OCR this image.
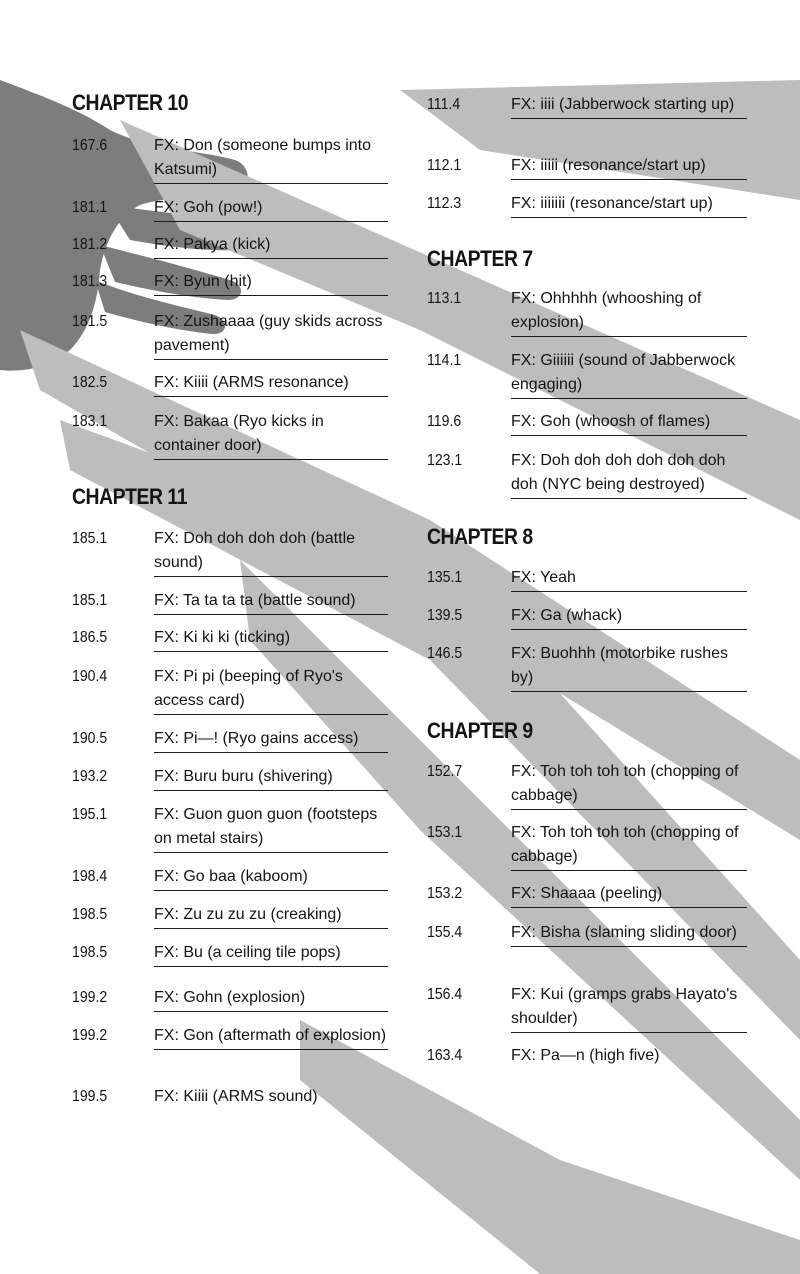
CHAPTER 10
167.6	FX: Don (someone bumps into Katsumi)
181.1	FX: Goh (pow!)
181.2	FX: Pakya (kick)
181.3	FX: Byun (hit)
181.5	FX: Zushaaaa (guy skids across pavement)
182.5	FX: Kiiii (ARMS resonance)
183.1	FX: Bakaa (Ryo kicks in container door)
CHAPTER 11
185.1	FX: Doh doh doh doh (battle sound)
185.1	FX: Ta ta ta ta (battle sound)
186.5	FX: Ki ki ki (ticking)
190.4	FX: Pi pi (beeping of Ryo's access card)
190.5	FX: Pi—! (Ryo gains access)
193.2	FX: Buru buru (shivering)
195.1	FX: Guon guon guon (footsteps on metal stairs)
198.4	FX: Go baa (kaboom)
198.5	FX: Zu zu zu zu (creaking)
198.5	FX: Bu (a ceiling tile pops)
199.2	FX: Gohn (explosion)
199.2	FX: Gon (aftermath of explosion)
199.5	FX: Kiiii (ARMS sound)
111.4	FX: iiii (Jabberwock starting up)
112.1	FX: iiiii (resonance/start up)
112.3	FX: iiiiiii (resonance/start up)
CHAPTER 7
113.1	FX: Ohhhhh (whooshing of explosion)
114.1	FX: Giiiiii (sound of Jabberwock engaging)
119.6	FX: Goh (whoosh of flames)
123.1	FX: Doh doh doh doh doh doh doh (NYC being destroyed)
CHAPTER 8
135.1	FX: Yeah
139.5	FX: Ga (whack)
146.5	FX: Buohhh (motorbike rushes by)
CHAPTER 9
152.7	FX: Toh toh toh toh (chopping of cabbage)
153.1	FX: Toh toh toh toh (chopping of cabbage)
153.2	FX: Shaaaa (peeling)
155.4	FX: Bisha (slaming sliding door)
156.4	FX: Kui (gramps grabs Hayato's shoulder)
163.4	FX: Pa—n (high five)
